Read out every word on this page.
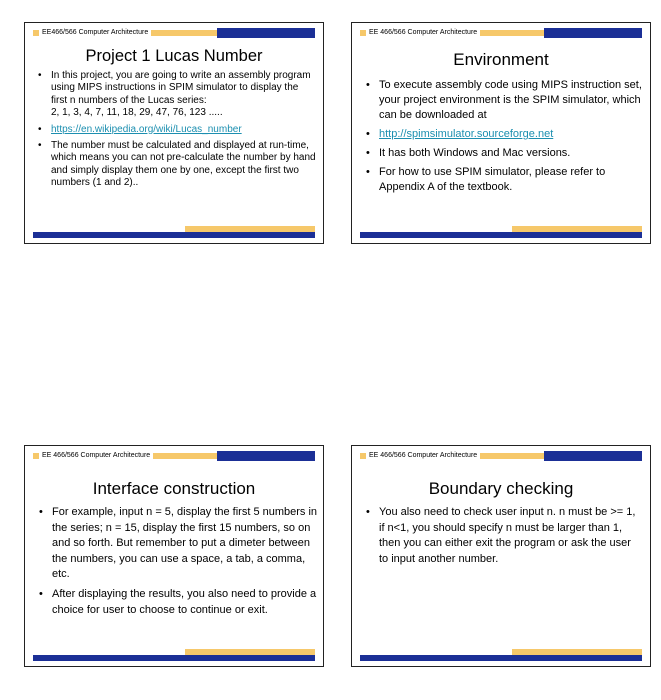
EE466/566 Computer Architecture
Project 1 Lucas Number
• In this project, you are going to write an assembly program using MIPS instructions in SPIM simulator to display the first n numbers of the Lucas series:
2, 1, 3, 4, 7, 11, 18, 29, 47, 76, 123 .....
• https://en.wikipedia.org/wiki/Lucas_number
• The number must be calculated and displayed at run-time, which means you can not pre-calculate the number by hand and simply display them one by one, except the first two numbers (1 and 2)..
EE 466/566 Computer Architecture
Environment
• To execute assembly code using MIPS instruction set, your project environment is the SPIM simulator, which can be downloaded at
• http://spimsimulator.sourceforge.net
• It has both Windows and Mac versions.
• For how to use SPIM simulator, please refer to Appendix A of the textbook.
EE 466/566 Computer Architecture
Interface construction
• For example, input n = 5, display the first 5 numbers in the series; n = 15, display the first 15 numbers, so on and so forth. But remember to put a dimeter between the numbers, you can use a space, a tab, a comma, etc.
• After displaying the results, you also need to provide a choice for user to choose to continue or exit.
EE 466/566 Computer Architecture
Boundary checking
• You also need to check user input n. n must be >= 1, if n<1, you should specify n must be larger than 1, then you can either exit the program or ask the user to input another number.
